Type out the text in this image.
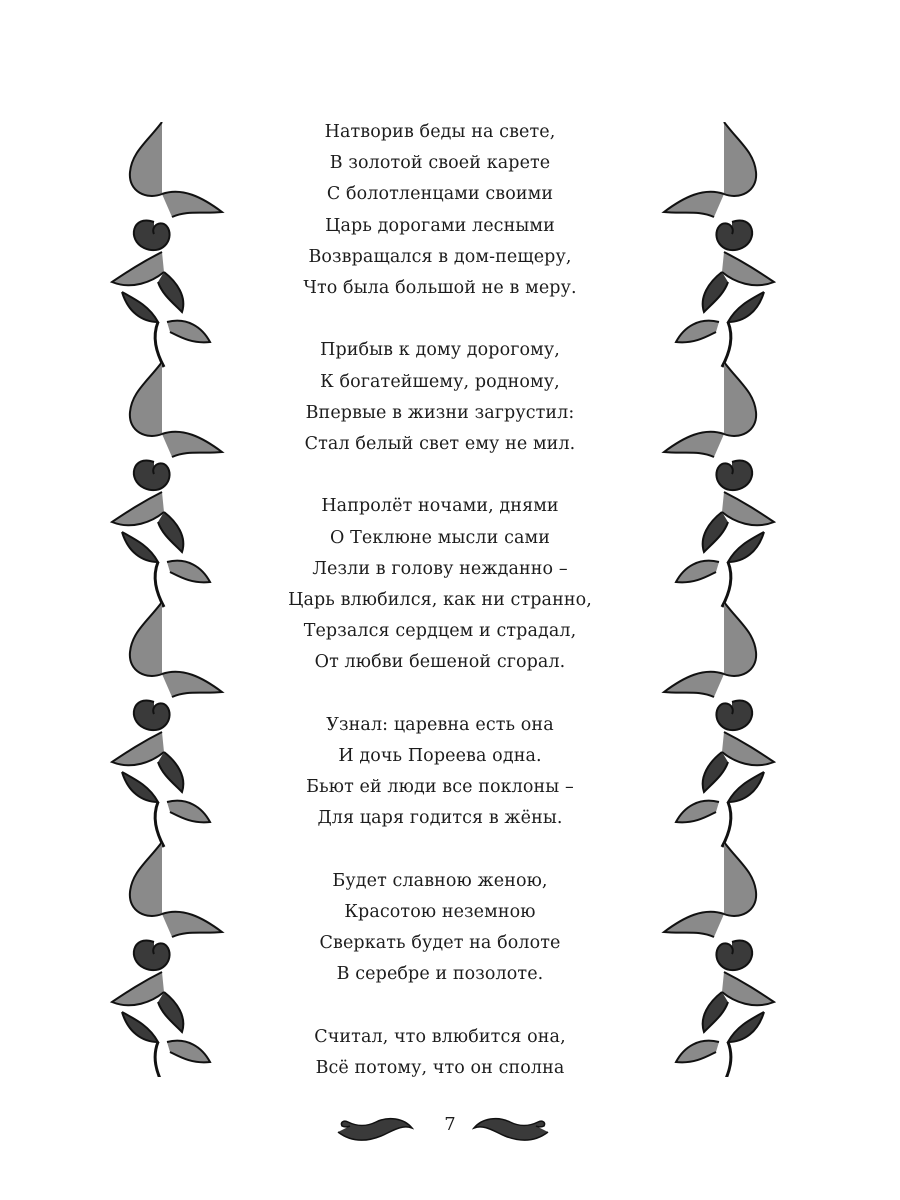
Натворив беды на свете,
В золотой своей карете
С болотленцами своими
Царь дорогами лесными
Возвращался в дом-пещеру,
Что была большой не в меру.
Прибыв к дому дорогому,
К богатейшему, родному,
Впервые в жизни загрустил:
Стал белый свет ему не мил.
Напролёт ночами, днями
О Теклюне мысли сами
Лезли в голову нежданно –
Царь влюбился, как ни странно,
Терзался сердцем и страдал,
От любви бешеной сгорал.
Узнал: царевна есть она
И дочь Пореева одна.
Бьют ей люди все поклоны –
Для царя годится в жёны.
Будет славною женою,
Красотою неземною
Сверкать будет на болоте
В серебре и позолоте.
Считал, что влюбится она,
Всё потому, что он сполна
7
